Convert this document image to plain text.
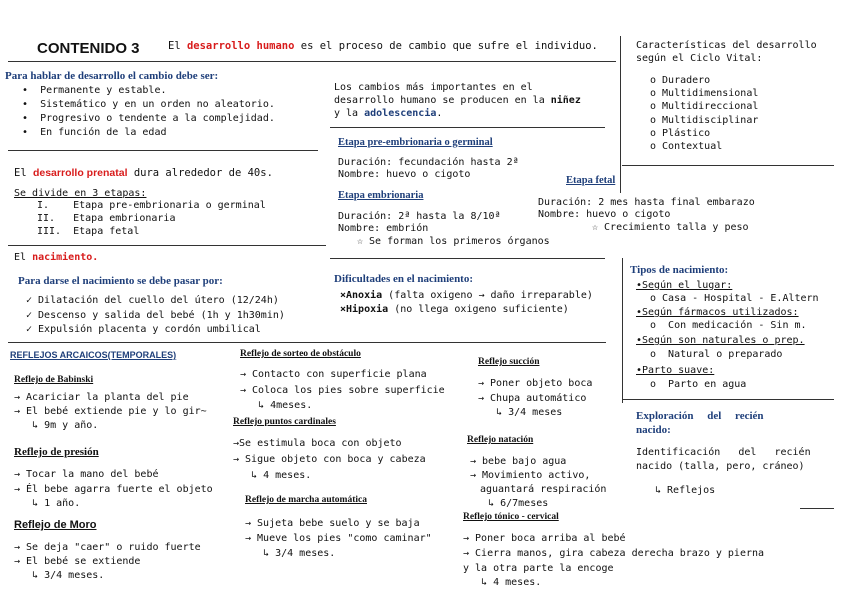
CONTENIDO 3	El desarrollo humano es el proceso de cambio que sufre el individuo.
Para hablar de desarrollo el cambio debe ser:
•  Permanente y estable.
•  Sistemático y en un orden no aleatorio.
•  Progresivo o tendente a la complejidad.
•  En función de la edad
El desarrollo prenatal dura alrededor de 40s.
Se divide en 3 etapas:
I.    Etapa pre-embrionaria o germinal
II.   Etapa embrionaria
III.  Etapa fetal
El nacimiento.
Para darse el nacimiento se debe pasar por:
✓ Dilatación del cuello del útero (12/24h)
✓ Descenso y salida del bebé (1h y 1h30min)
✓ Expulsión placenta y cordón umbilical
Los cambios más importantes en el
desarrollo humano se producen en la niñez
y la adolescencia.
Etapa pre-embrionaria o germinal
Duración: fecundación hasta 2ª
Nombre: huevo o cigoto
Etapa fetal
Duración: 2 mes hasta final embarazo
Nombre: huevo o cigoto
☆ Crecimiento talla y peso
Etapa embrionaria
Duración: 2ª hasta la 8/10ª
Nombre: embrión
☆ Se forman los primeros órganos
Dificultades en el nacimiento:
×Anoxia (falta oxigeno → daño irreparable)
×Hipoxia (no llega oxigeno suficiente)
Características del desarrollo
según el Ciclo Vital:
o Duradero
o Multidimensional
o Multidireccional
o Multidisciplinar
o Plástico
o Contextual
Tipos de nacimiento:
•Según el lugar:
o Casa - Hospital - E.Altern
•Según fármacos utilizados:
o  Con medicación - Sin m.
•Según son naturales o prep.
o  Natural o preparado
•Parto suave:
o  Parto en agua
Exploración     del     recién
nacido:
Identificación   del   recién
nacido (talla, pero, cráneo)
↳ Reflejos
REFLEJOS ARCAICOS(TEMPORALES)
Reflejo de Babinski
→ Acariciar la planta del pie
→ El bebé extiende pie y lo gir~
↳ 9m y año.
Reflejo de presión
→ Tocar la mano del bebé
→ Él bebe agarra fuerte el objeto
↳ 1 año.
Reflejo de Moro
→ Se deja "caer" o ruido fuerte
→ El bebé se extiende
↳ 3/4 meses.
Reflejo de sorteo de obstáculo
→ Contacto con superficie plana
→ Coloca los pies sobre superficie
↳ 4meses.
Reflejo puntos cardinales
→Se estimula boca con objeto
→ Sigue objeto con boca y cabeza
↳ 4 meses.
Reflejo de marcha automática
→ Sujeta bebe suelo y se baja
→ Mueve los pies "como caminar"
↳ 3/4 meses.
Reflejo succión
→ Poner objeto boca
→ Chupa automático
↳ 3/4 meses
Reflejo natación
→ bebe bajo agua
→ Movimiento activo,
aguantará respiración
↳ 6/7meses
Reflejo tónico - cervical
→ Poner boca arriba al bebé
→ Cierra manos, gira cabeza derecha brazo y pierna
y la otra parte la encoge
↳ 4 meses.
